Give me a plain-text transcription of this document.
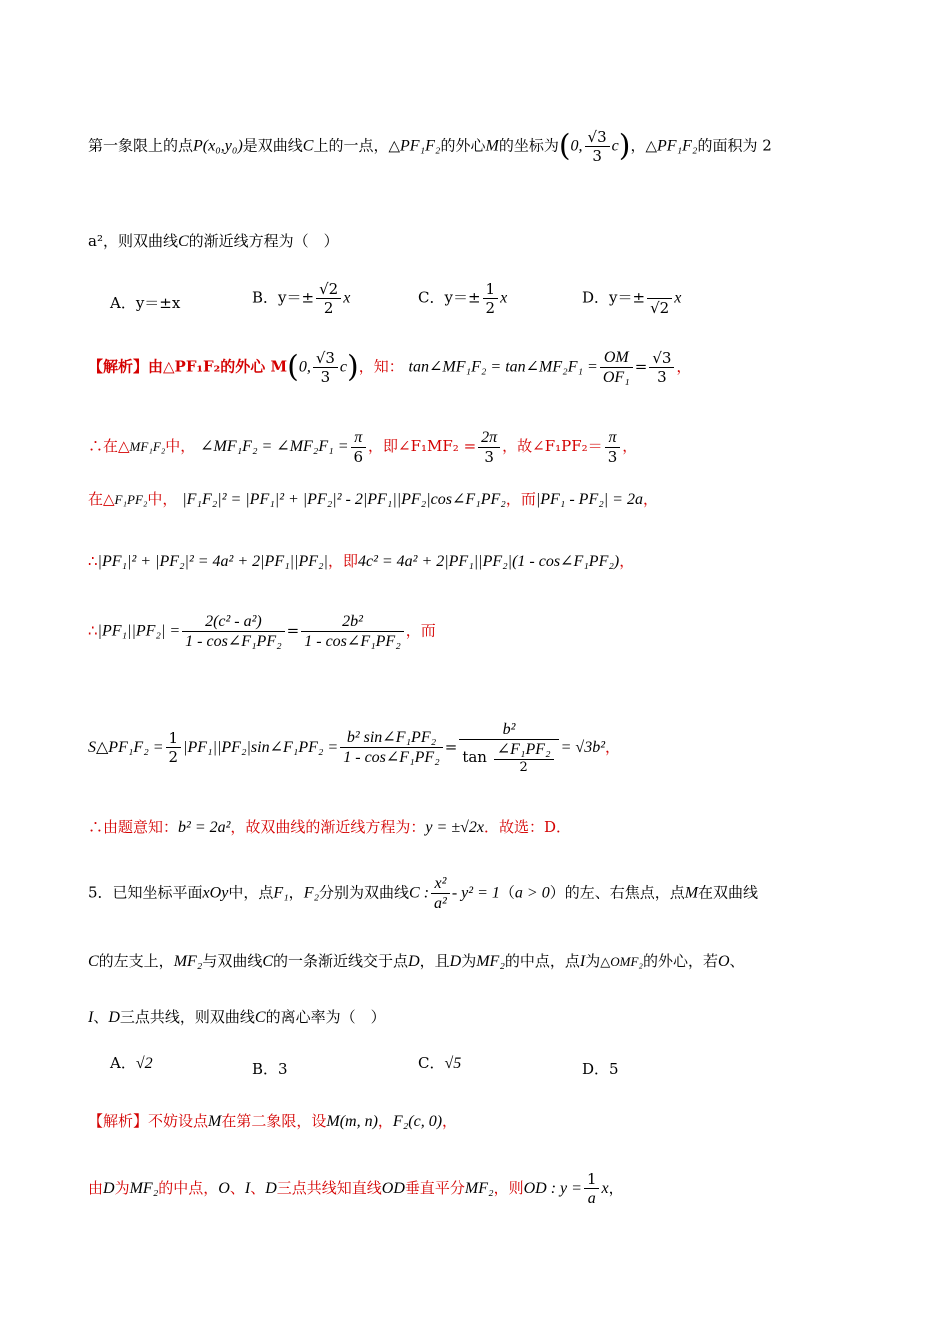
第一象限上的点P(x₀,y₀)是双曲线C上的一点，△PF₁F₂的外心M的坐标为(0, $\frac{√3}{3} c$)，△PF₁F₂的面积为 2
a²，则双曲线C的渐近线方程为（　）
A．y＝±x	B．$y=\pm \frac{√2}{2}$ x	C．$y=\pm \frac{1}{2}$ x	D．y＝±

√2
x
【解析】由△PF₁F₂的外心 M(0, $\frac{√3}{3} c$)，知： tan∠MF₁F₂ = tan∠MF₂F₁ = $\frac{OM}{\text{OF₁}} = \frac{√3}{3}$ ，
∴在△MF₁F₂中， ∠MF₁F₂ = ∠MF₂F₁ = $\frac{\pi}{6}$ ，即∠F₁MF₂ = $\frac{2\pi}{3}$ ，故∠F₁PF₂＝ $\frac{\pi}{3}$ ，
在△F₁PF₂中， |F₁F₂|² = |PF₁|² + |PF₂|² - 2|PF₁||PF₂|cos∠F₁PF₂，而|PF₁ - PF₂| = 2a，
∴|PF₁|² + |PF₂|² = 4a² + 2|PF₁||PF₂|，即4c² = 4a² + 2|PF₁||PF₂|(1 - cos∠F₁PF₂)，
∴|PF₁||PF₂| = $\frac{\text{2(c² - a²)}}{\text{1 - cos∠F₁PF₂}} = \frac{\text{2b²}}{\text{1 - cos∠F₁PF₂}}$ ，而
S△PF₁F₂ = $\frac{1}{2}$ |PF₁||PF₂|sin∠F₁PF₂ = $\frac{\text{b² sin∠F₁PF₂}}{\text{1 - cos∠F₁PF₂}} = \frac{\text{b²}}{\tan \frac{\text{∠F₁PF₂}}{2}} = √3b^2$，
∴由题意知：b² = 2a²，故双曲线的渐近线方程为：y = ±√2x．故选：D．
5．已知坐标平面xOy中，点F₁，F₂分别为双曲线C : $\frac{\text{x²}}{\text{a²}} - y^2 = 1(a > 0)$的左、右焦点，点M在双曲线
C的左支上，MF₂与双曲线C的一条渐近线交于点D，且D为MF₂的中点，点I为△OMF₂的外心，若O、
I、D三点共线，则双曲线C的离心率为（　）
A．√2	B．3	C．√5	D．5
【解析】不妨设点M在第二象限，设M(m, n)，F₂(c, 0)，
由D为MF₂的中点，O、I、D三点共线知直线OD垂直平分MF₂，则OD : $y = \frac{1}{a}$ x，
